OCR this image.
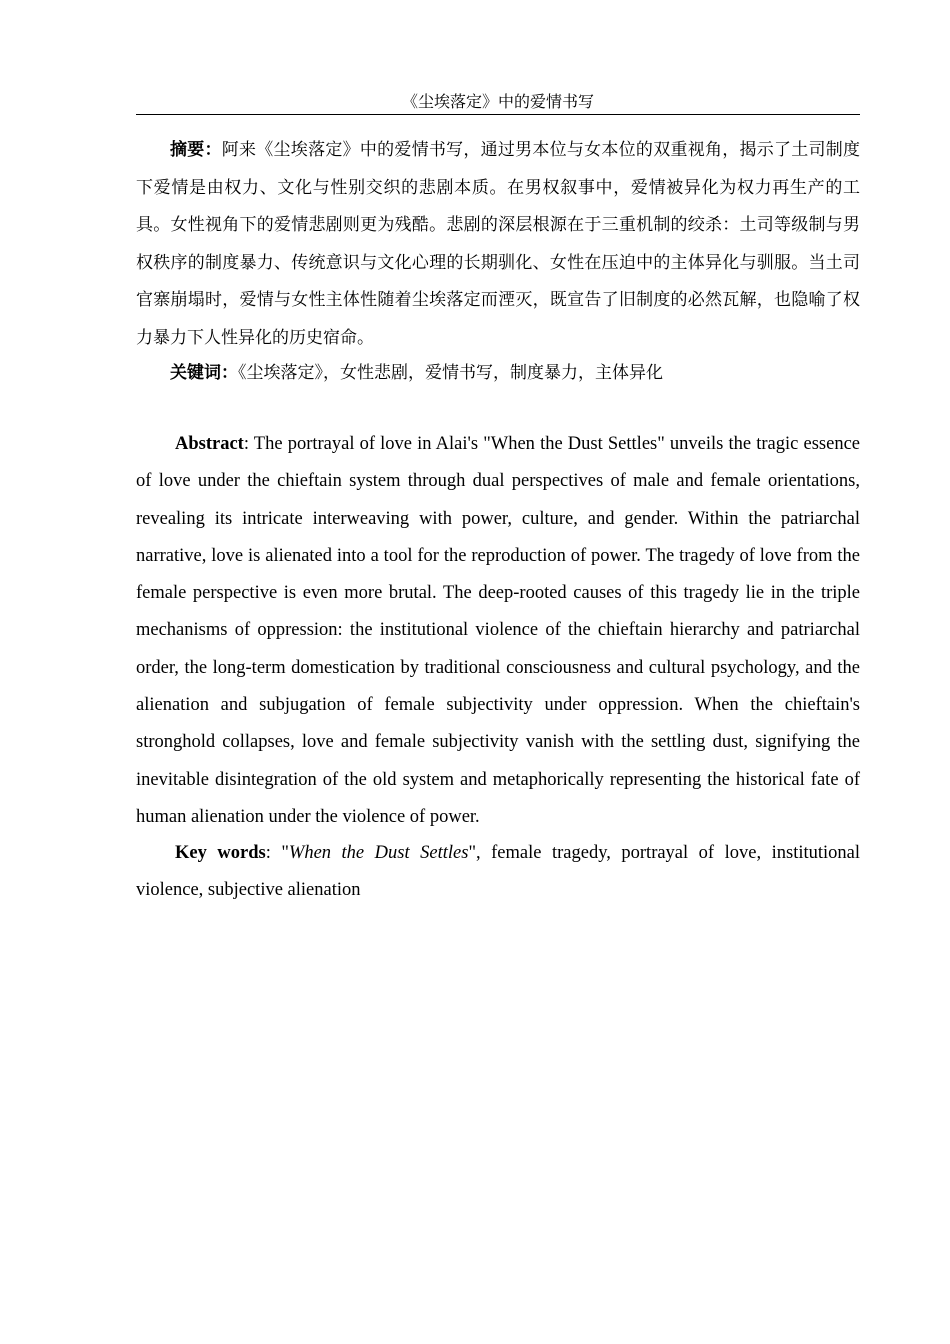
《尘埃落定》中的爱情书写

摘要：阿来《尘埃落定》中的爱情书写，通过男本位与女本位的双重视角，揭示了土司制度下爱情是由权力、文化与性别交织的悲剧本质。在男权叙事中，爱情被异化为权力再生产的工具。女性视角下的爱情悲剧则更为残酷。悲剧的深层根源在于三重机制的绞杀：土司等级制与男权秩序的制度暴力、传统意识与文化心理的长期驯化、女性在压迫中的主体异化与驯服。当土司官寨崩塌时，爱情与女性主体性随着尘埃落定而湮灭，既宣告了旧制度的必然瓦解，也隐喻了权力暴力下人性异化的历史宿命。

关键词：《尘埃落定》，女性悲剧，爱情书写，制度暴力，主体异化

Abstract: The portrayal of love in Alai's "When the Dust Settles" unveils the tragic essence of love under the chieftain system through dual perspectives of male and female orientations, revealing its intricate interweaving with power, culture, and gender. Within the patriarchal narrative, love is alienated into a tool for the reproduction of power. The tragedy of love from the female perspective is even more brutal. The deep-rooted causes of this tragedy lie in the triple mechanisms of oppression: the institutional violence of the chieftain hierarchy and patriarchal order, the long-term domestication by traditional consciousness and cultural psychology, and the alienation and subjugation of female subjectivity under oppression. When the chieftain's stronghold collapses, love and female subjectivity vanish with the settling dust, signifying the inevitable disintegration of the old system and metaphorically representing the historical fate of human alienation under the violence of power.

Key words: "When the Dust Settles", female tragedy, portrayal of love, institutional violence, subjective alienation
